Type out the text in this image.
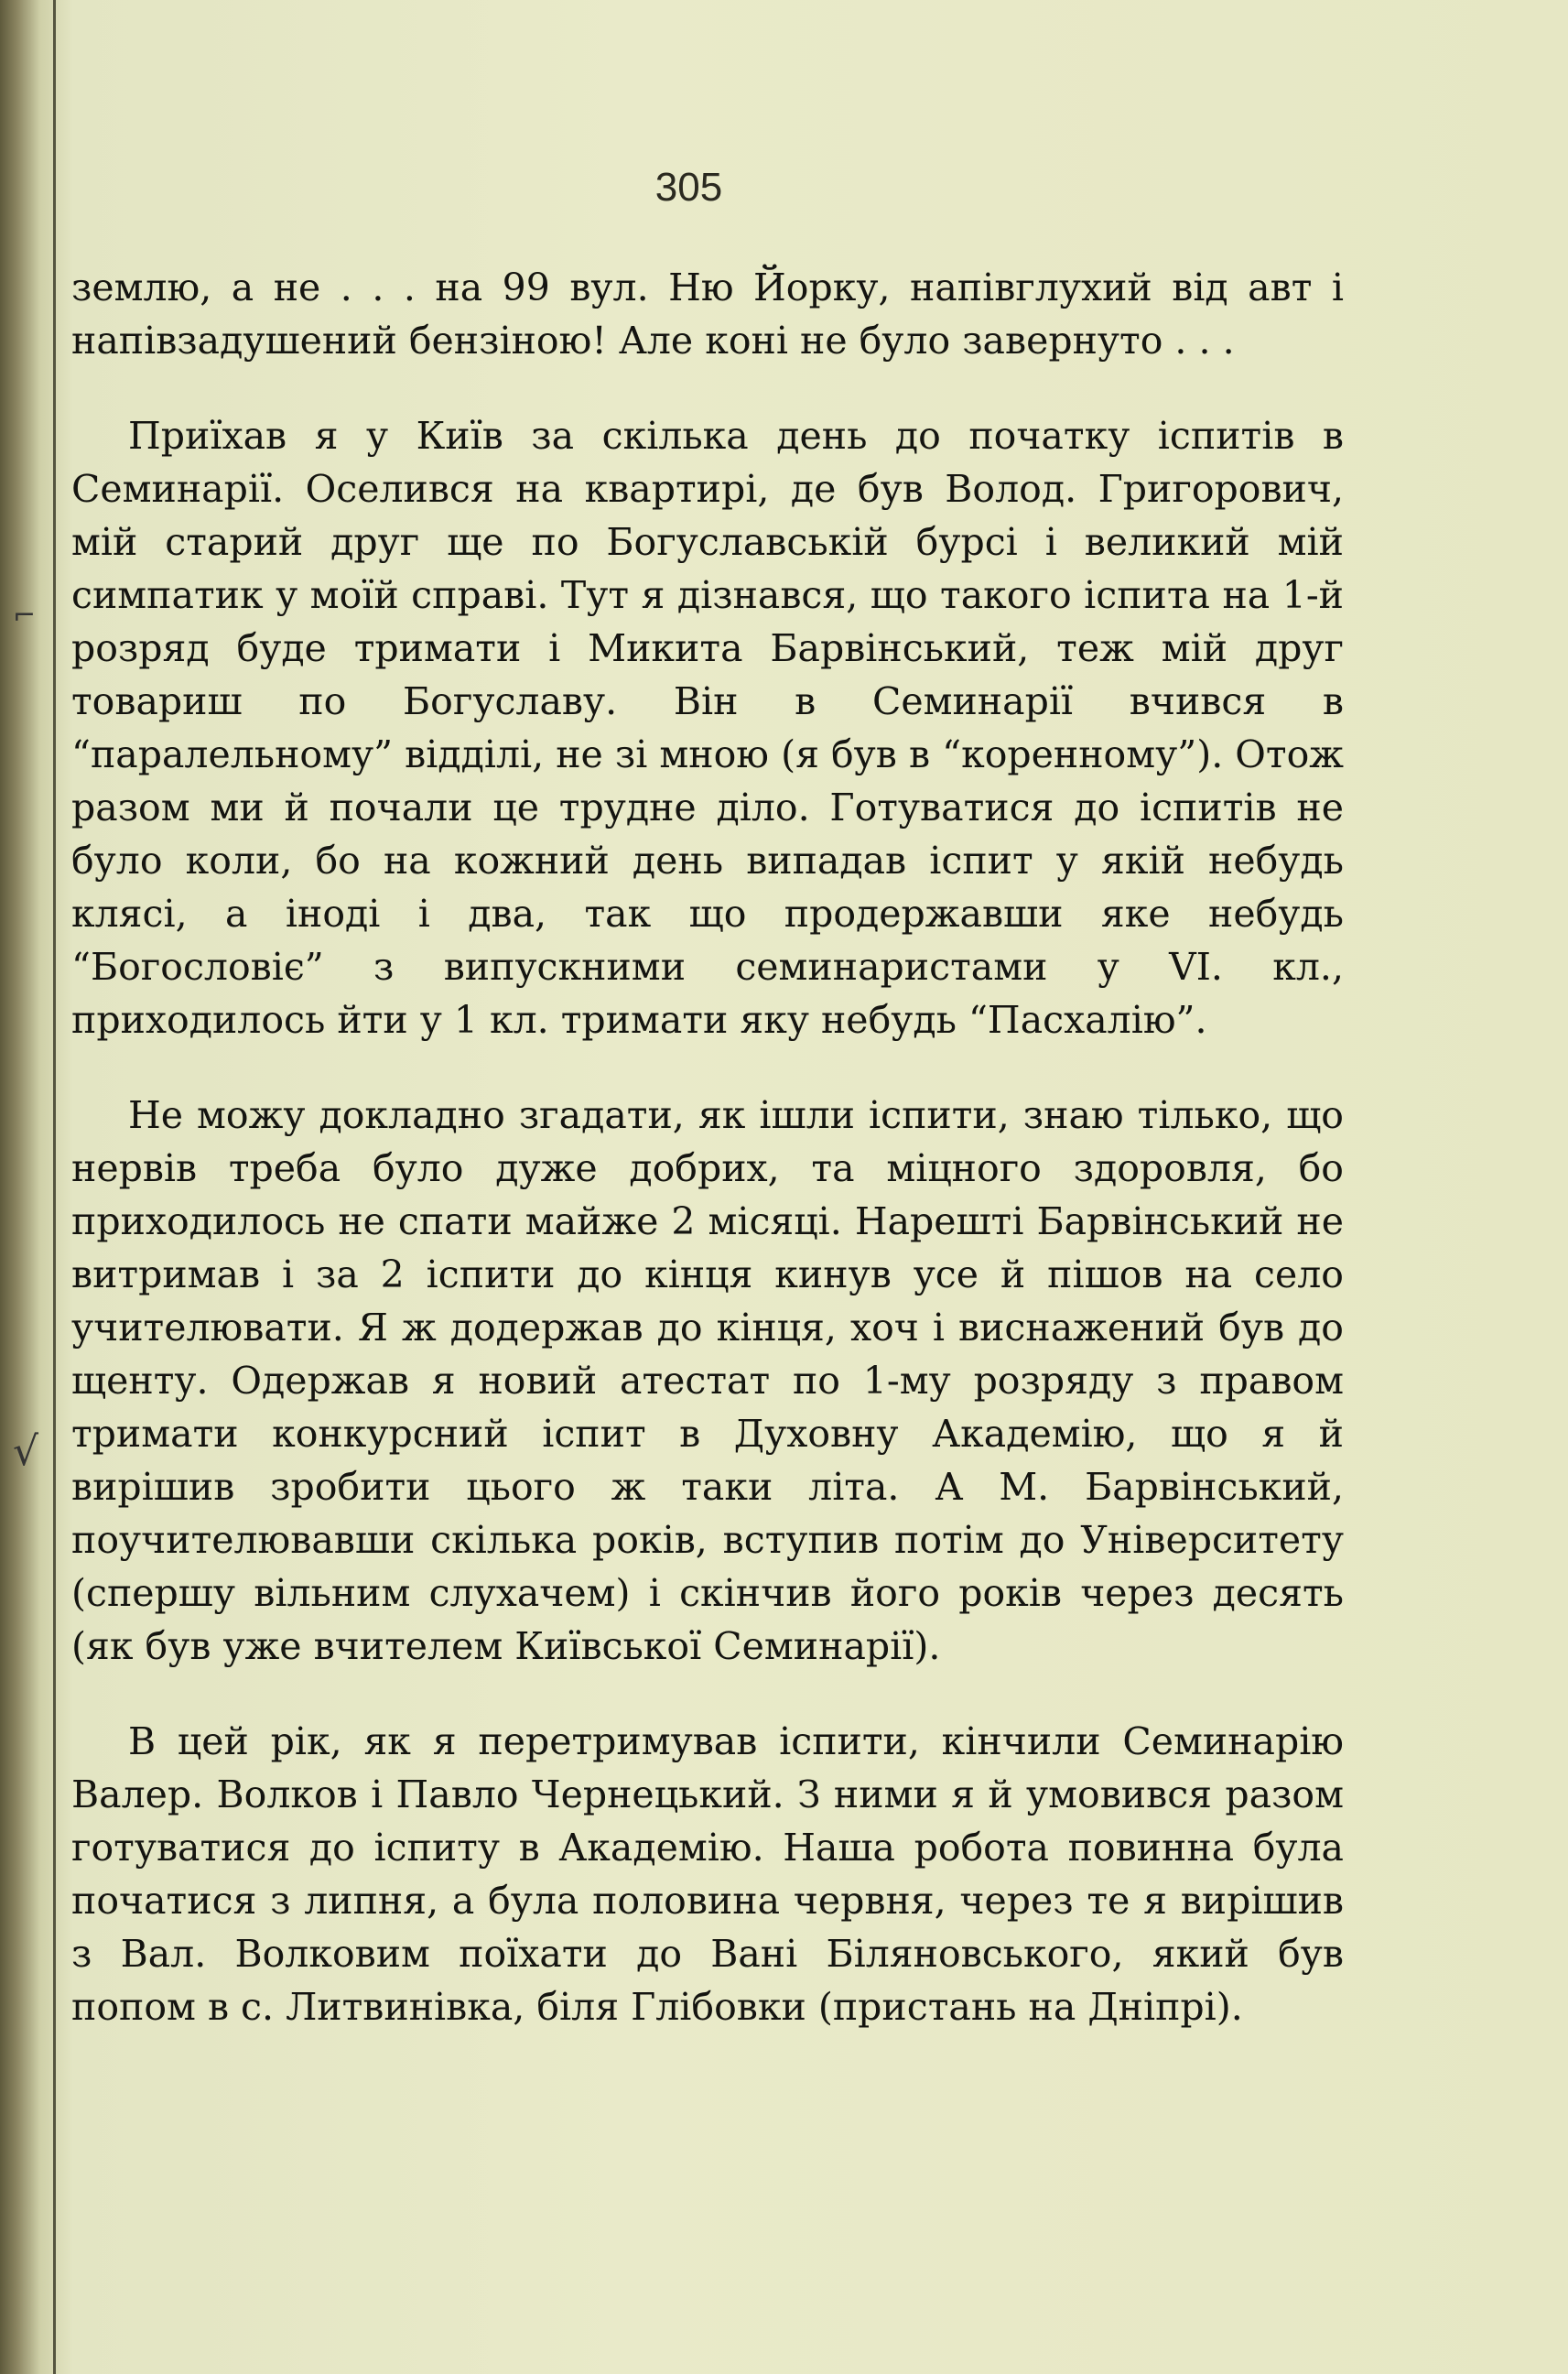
305

землю, а не . . . на 99 вул. Ню Йорку, напівглухий від авт і напівзадушений бензіною! Але коні не було завернуто . . .

Приїхав я у Київ за скілька день до початку іспитів в Семинарії. Оселився на квартирі, де був Волод. Григорович, мій старий друг ще по Богуславській бурсі і великий мій симпатик у моїй справі. Тут я дізнався, що такого іспита на 1-й розряд буде тримати і Микита Барвінський, теж мій друг товариш по Богуславу. Він в Семинарії вчився в “паралельному” відділі, не зі мною (я був в “коренному”). Отож разом ми й почали це трудне діло. Готуватися до іспитів не було коли, бо на кожний день випадав іспит у якій небудь клясі, а іноді і два, так що продержавши яке небудь “Богословіє” з випускними семинаристами у VI. кл., приходилось йти у 1 кл. тримати яку небудь “Пасхалію”.

Не можу докладно згадати, як ішли іспити, знаю тілько, що нервів треба було дуже добрих, та міцного здоровля, бо приходилось не спати майже 2 місяці. Нарешті Барвінський не витримав і за 2 іспити до кінця кинув усе й пішов на село учителювати. Я ж додержав до кінця, хоч і виснажений був до щенту. Одержав я новий атестат по 1-му розряду з правом тримати конкурсний іспит в Духовну Академію, що я й вирішив зробити цього ж таки літа. А М. Барвінський, поучителювавши скілька років, вступив потім до Університету (спершу вільним слухачем) і скінчив його років через десять (як був уже вчителем Київської Семинарії).

В цей рік, як я перетримував іспити, кінчили Семинарію Валер. Волков і Павло Чернецький. З ними я й умовився разом готуватися до іспиту в Академію. Наша робота повинна була початися з липня, а була половина червня, через те я вирішив з Вал. Волковим поїхати до Вані Біляновського, який був попом в с. Литвинівка, біля Глібовки (пристань на Дніпрі).

⌐
√
